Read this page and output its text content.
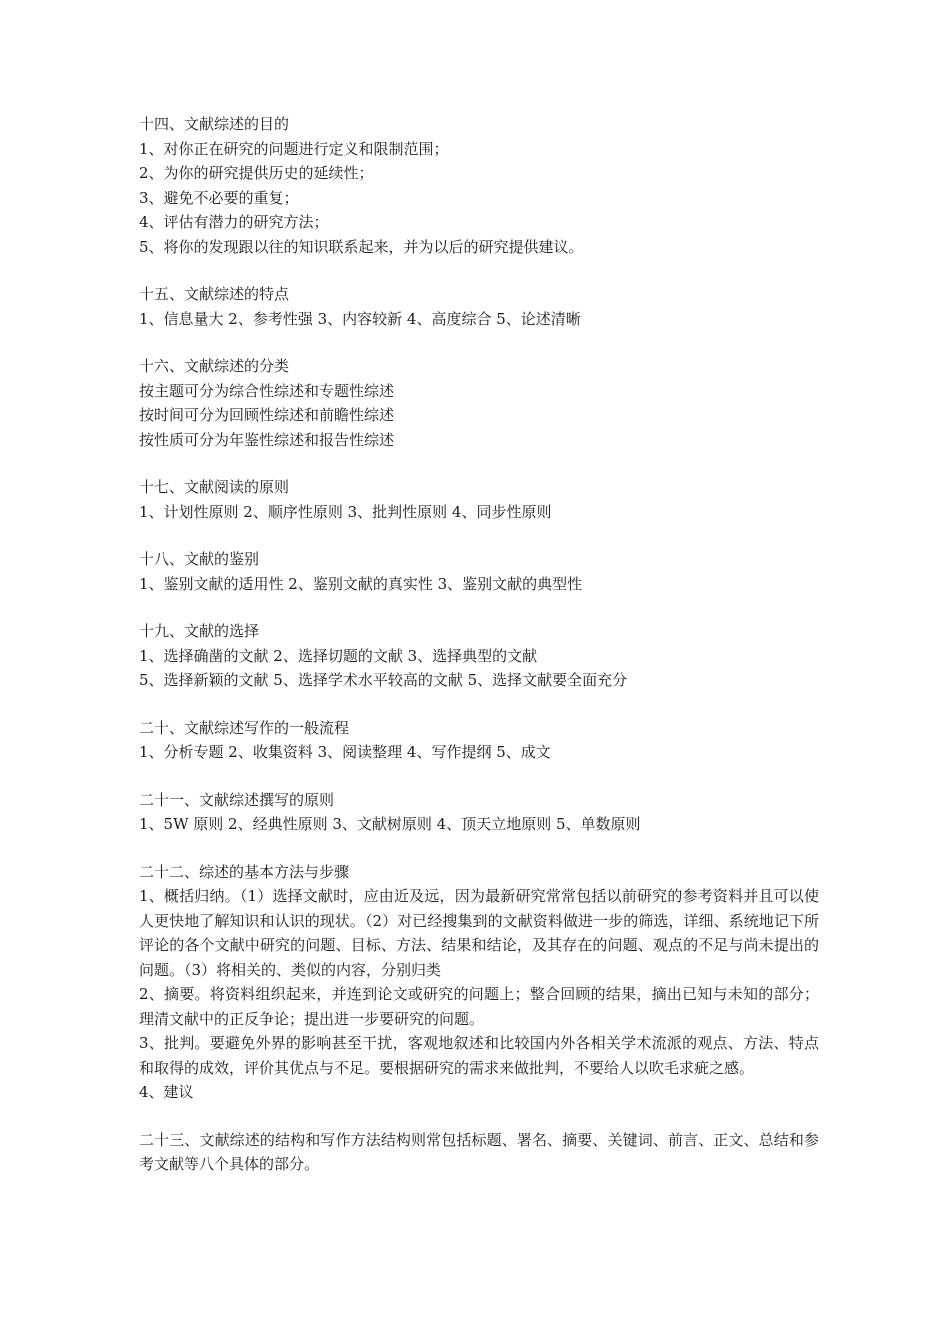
十四、文献综述的目的
1、对你正在研究的问题进行定义和限制范围；
2、为你的研究提供历史的延续性；
3、避免不必要的重复；
4、评估有潜力的研究方法；
5、将你的发现跟以往的知识联系起来，并为以后的研究提供建议。
十五、文献综述的特点
1、信息量大 2、参考性强 3、内容较新 4、高度综合 5、论述清晰
十六、文献综述的分类
按主题可分为综合性综述和专题性综述
按时间可分为回顾性综述和前瞻性综述
按性质可分为年鉴性综述和报告性综述
十七、文献阅读的原则
1、计划性原则 2、顺序性原则 3、批判性原则 4、同步性原则
十八、文献的鉴别
1、鉴别文献的适用性 2、鉴别文献的真实性 3、鉴别文献的典型性
十九、文献的选择
1、选择确凿的文献 2、选择切题的文献 3、选择典型的文献
5、选择新颖的文献 5、选择学术水平较高的文献 5、选择文献要全面充分
二十、文献综述写作的一般流程
1、分析专题 2、收集资料 3、阅读整理 4、写作提纲 5、成文
二十一、文献综述撰写的原则
1、5W 原则 2、经典性原则 3、文献树原则 4、顶天立地原则 5、单数原则
二十二、综述的基本方法与步骤
1、概括归纳。（1）选择文献时，应由近及远，因为最新研究常常包括以前研究的参考资料并且可以使人更快地了解知识和认识的现状。（2）对已经搜集到的文献资料做进一步的筛选，详细、系统地记下所评论的各个文献中研究的问题、目标、方法、结果和结论，及其存在的问题、观点的不足与尚未提出的问题。（3）将相关的、类似的内容，分别归类
2、摘要。将资料组织起来，并连到论文或研究的问题上；整合回顾的结果，摘出已知与未知的部分；理清文献中的正反争论；提出进一步要研究的问题。
3、批判。要避免外界的影响甚至干扰，客观地叙述和比较国内外各相关学术流派的观点、方法、特点和取得的成效，评价其优点与不足。要根据研究的需求来做批判，不要给人以吹毛求疵之感。
4、建议
二十三、文献综述的结构和写作方法结构则常包括标题、署名、摘要、关键词、前言、正文、总结和参考文献等八个具体的部分。
